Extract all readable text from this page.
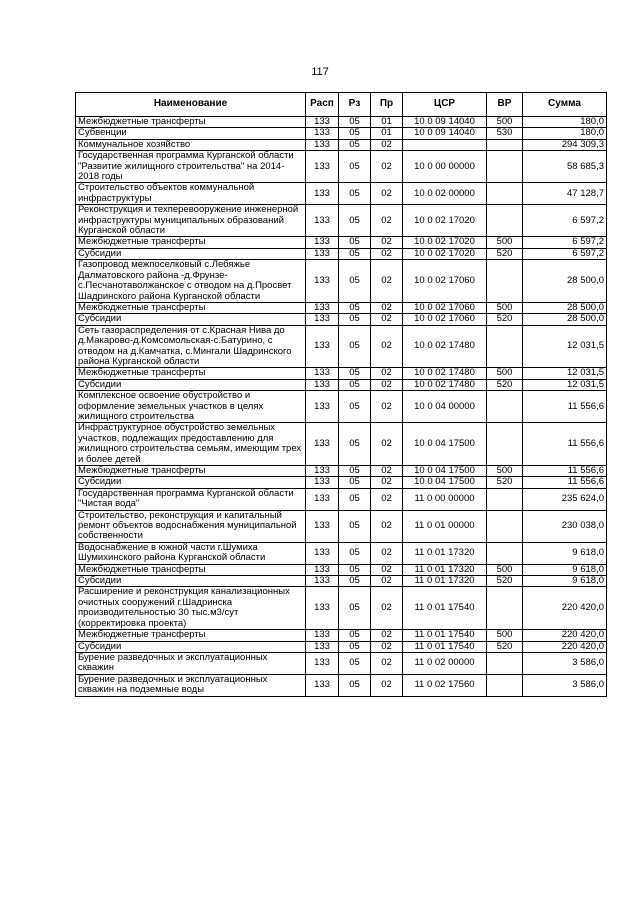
117
Наименование	Расп	Рз	Пр	ЦСР	ВР	Сумма
Межбюджетные трансферты	133	05	01	10 0 09 14040	500	180,0
Субвенции	133	05	01	10 0 09 14040	530	180,0
Коммунальное хозяйство	133	05	02			294 309,3
Государственная программа Курганской области "Развитие жилищного строительства" на 2014-2018 годы	133	05	02	10 0 00 00000		58 685,3
Строительство объектов коммунальной инфраструктуры	133	05	02	10 0 02 00000		47 128,7
Реконструкция и техперевооружение инженерной инфраструктуры муниципальных образований Курганской области	133	05	02	10 0 02 17020		6 597,2
Межбюджетные трансферты	133	05	02	10 0 02 17020	500	6 597,2
Субсидии	133	05	02	10 0 02 17020	520	6 597,2
Газопровод межпоселковый с.Лебяжье Далматовского района -д.Фрунзе-с.Песчанотаволжанское с отводом на д.Просвет Шадринского района Курганской области	133	05	02	10 0 02 17060		28 500,0
Межбюджетные трансферты	133	05	02	10 0 02 17060	500	28 500,0
Субсидии	133	05	02	10 0 02 17060	520	28 500,0
Сеть газораспределения от с.Красная Нива до д.Макарово-д.Комсомольская-с.Батурино, с отводом на д.Камчатка, с.Мингали Шадринского района Курганской области	133	05	02	10 0 02 17480		12 031,5
Межбюджетные трансферты	133	05	02	10 0 02 17480	500	12 031,5
Субсидии	133	05	02	10 0 02 17480	520	12 031,5
Комплексное освоение обустройство и оформление земельных участков в целях жилищного строительства	133	05	02	10 0 04 00000		11 556,6
Инфраструктурное обустройство земельных участков, подлежащих предоставлению для жилищного строительства семьям, имеющим трех и более детей	133	05	02	10 0 04 17500		11 556,6
Межбюджетные трансферты	133	05	02	10 0 04 17500	500	11 556,6
Субсидии	133	05	02	10 0 04 17500	520	11 556,6
Государственная программа Курганской области "Чистая вода"	133	05	02	11 0 00 00000		235 624,0
Строительство, реконструкция и капитальный ремонт объектов водоснабжения муниципальной собственности	133	05	02	11 0 01 00000		230 038,0
Водоснабжение в южной части г.Шумиха Шумихинского района Курганской области	133	05	02	11 0 01 17320		9 618,0
Межбюджетные трансферты	133	05	02	11 0 01 17320	500	9 618,0
Субсидии	133	05	02	11 0 01 17320	520	9 618,0
Расширение и реконструкция канализационных очистных сооружений г.Шадринска производительностью 30 тыс.м3/сут (корректировка проекта)	133	05	02	11 0 01 17540		220 420,0
Межбюджетные трансферты	133	05	02	11 0 01 17540	500	220 420,0
Субсидии	133	05	02	11 0 01 17540	520	220 420,0
Бурение разведочных и эксплуатационных скважин	133	05	02	11 0 02 00000		3 586,0
Бурение разведочных и эксплуатационных скважин на подземные воды	133	05	02	11 0 02 17560		3 586,0
